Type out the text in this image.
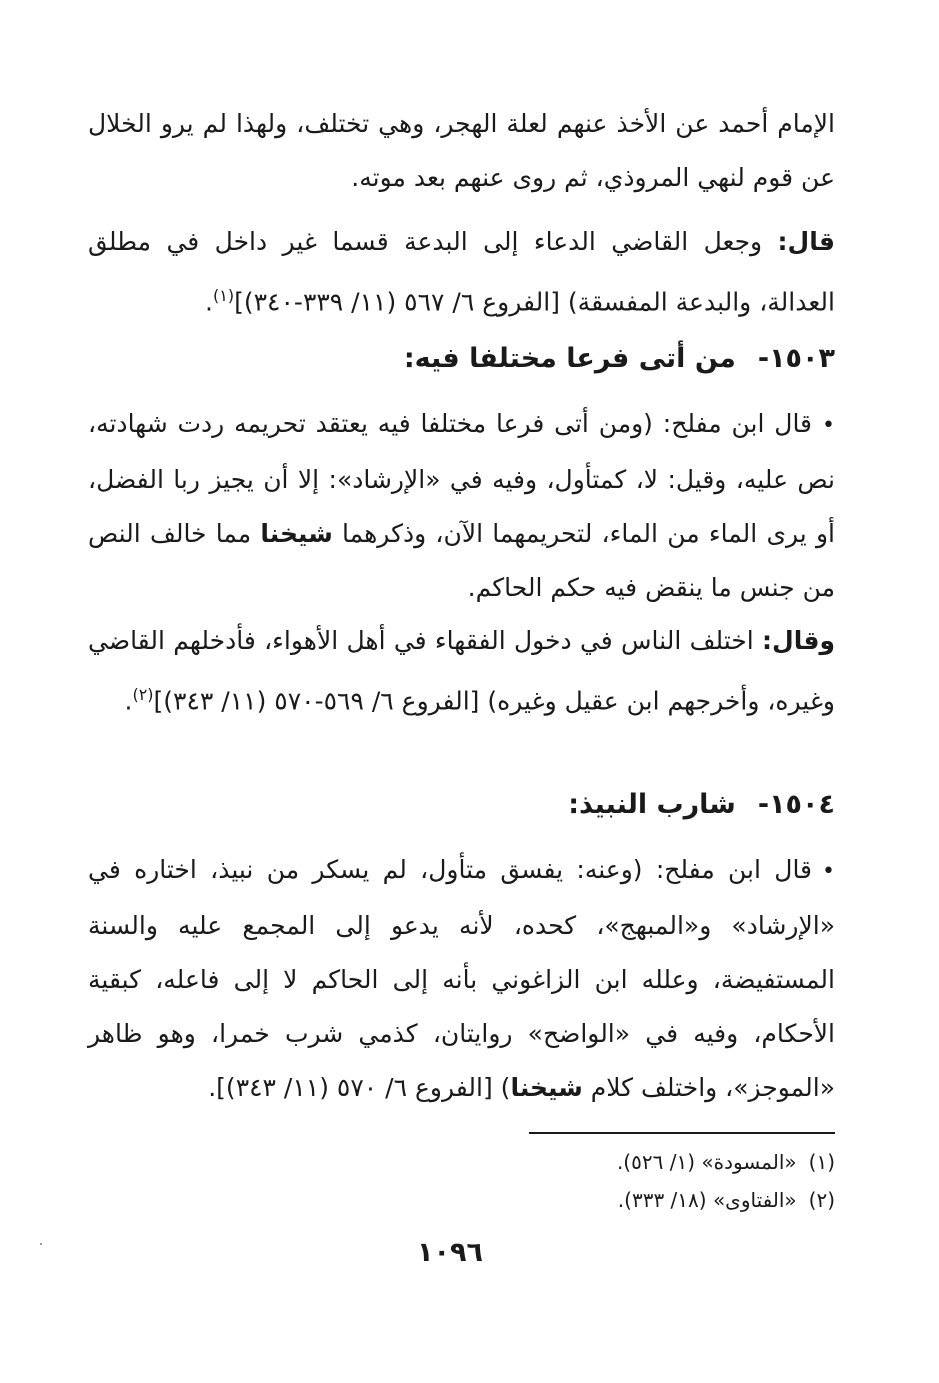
الإمام أحمد عن الأخذ عنهم لعلة الهجر، وهي تختلف، ولهذا لم يرو الخلال عن قوم لنهي المروذي، ثم روى عنهم بعد موته.
قال: وجعل القاضي الدعاء إلى البدعة قسما غير داخل في مطلق العدالة، والبدعة المفسقة) [الفروع ٦/ ٥٦٧ (١١/ ٣٣٩-٣٤٠)]$^{(١)}$.
١٥٠٣-من أتى فرعا مختلفا فيه:
•قال ابن مفلح: (ومن أتى فرعا مختلفا فيه يعتقد تحريمه ردت شهادته، نص عليه، وقيل: لا، كمتأول، وفيه في «الإرشاد»: إلا أن يجيز ربا الفضل، أو يرى الماء من الماء، لتحريمهما الآن، وذكرهما شيخنا مما خالف النص من جنس ما ينقض فيه حكم الحاكم.
وقال: اختلف الناس في دخول الفقهاء في أهل الأهواء، فأدخلهم القاضي وغيره، وأخرجهم ابن عقيل وغيره) [الفروع ٦/ ٥٦٩-٥٧٠ (١١/ ٣٤٣)]$^{(٢)}$.
١٥٠٤-شارب النبيذ:
•قال ابن مفلح: (وعنه: يفسق متأول، لم يسكر من نبيذ، اختاره في «الإرشاد» و«المبهج»، كحده، لأنه يدعو إلى المجمع عليه والسنة المستفيضة، وعلله ابن الزاغوني بأنه إلى الحاكم لا إلى فاعله، كبقية الأحكام، وفيه في «الواضح» روايتان، كذمي شرب خمرا، وهو ظاهر «الموجز»، واختلف كلام شيخنا) [الفروع ٦/ ٥٧٠ (١١/ ٣٤٣)].
(١)«المسودة» (١/ ٥٢٦).
(٢)«الفتاوى» (١٨/ ٣٣٣).
١٠٩٦
